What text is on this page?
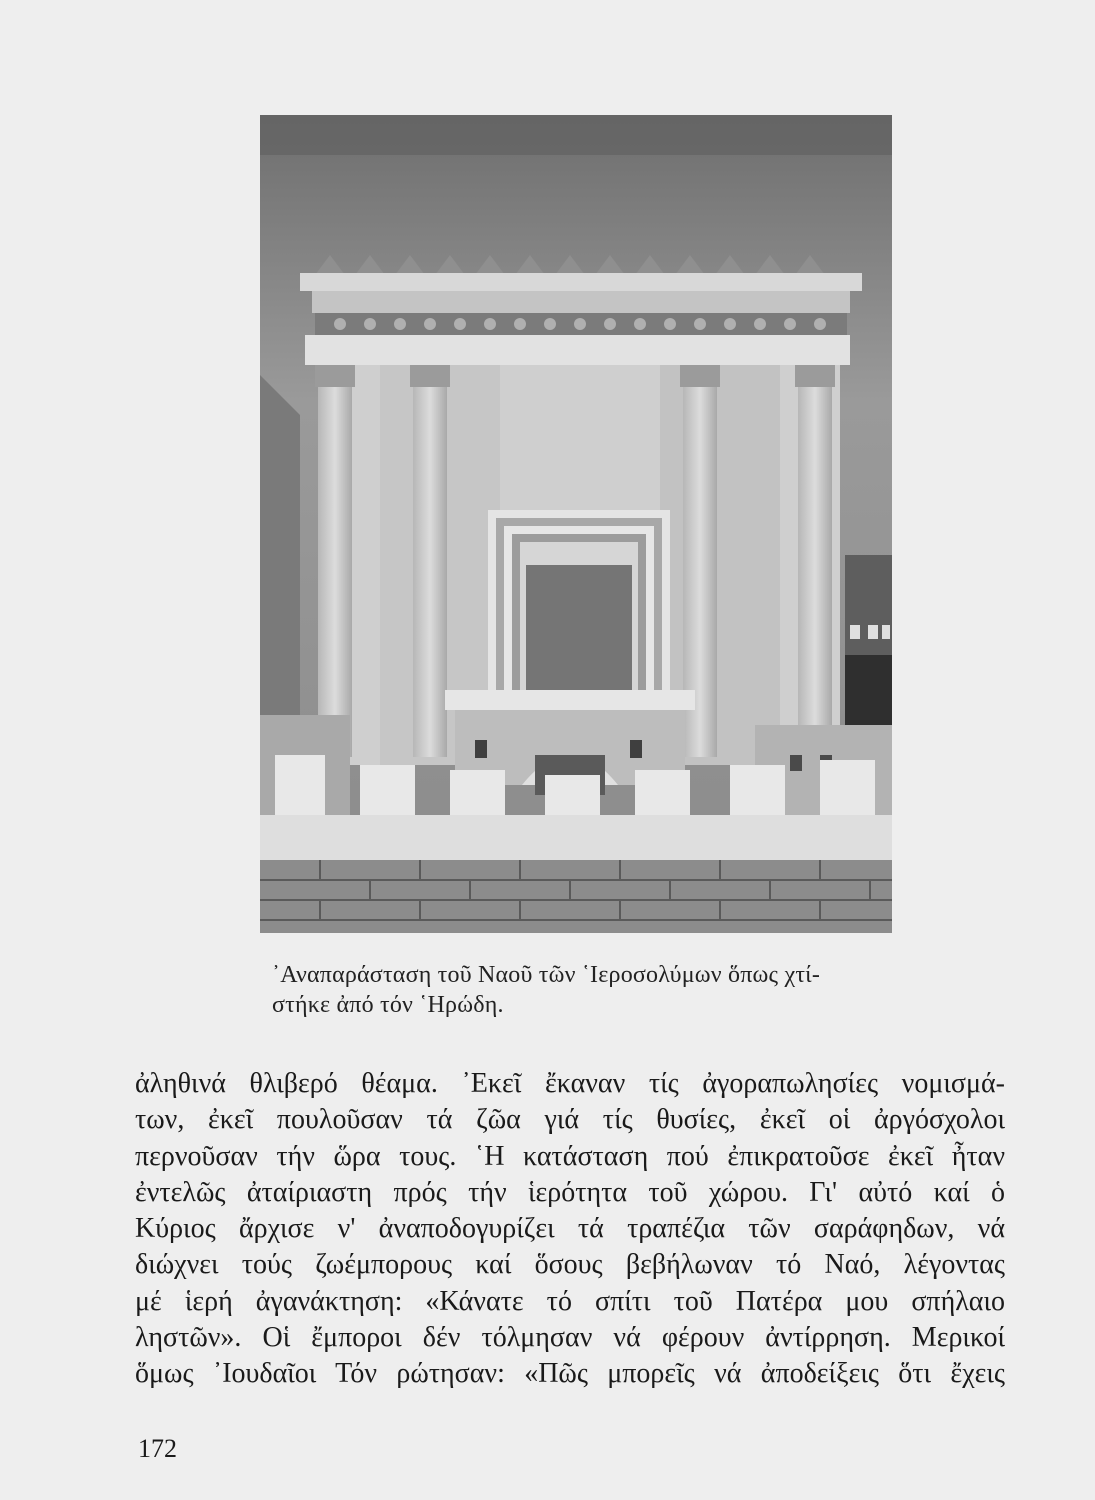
᾿Αναπαράσταση τοῦ Ναοῦ τῶν ῾Ιεροσολύμων ὅπως χτί-
στήκε ἀπό τόν ῾Ηρώδη.
ἀληθινά θλιβερό θέαμα. ᾿Εκεῖ ἔκαναν τίς ἀγοραπωλησίες νομισμά-
των, ἐκεῖ πουλοῦσαν τά ζῶα γιά τίς θυσίες, ἐκεῖ οἱ ἀργόσχολοι
περνοῦσαν τήν ὥρα τους. ῾Η κατάσταση πού ἐπικρατοῦσε ἐκεῖ ἦταν
ἐντελῶς ἀταίριαστη πρός τήν ἱερότητα τοῦ χώρου. Γι' αὐτό καί ὁ
Κύριος ἄρχισε ν' ἀναποδογυρίζει τά τραπέζια τῶν σαράφηδων, νά
διώχνει τούς ζωέμπορους καί ὅσους βεβήλωναν τό Ναό, λέγοντας
μέ ἱερή ἀγανάκτηση: «Κάνατε τό σπίτι τοῦ Πατέρα μου σπήλαιο
ληστῶν». Οἱ ἔμποροι δέν τόλμησαν νά φέρουν ἀντίρρηση. Μερικοί
ὅμως ᾿Ιουδαῖοι Τόν ρώτησαν: «Πῶς μπορεῖς νά ἀποδείξεις ὅτι ἔχεις
172
